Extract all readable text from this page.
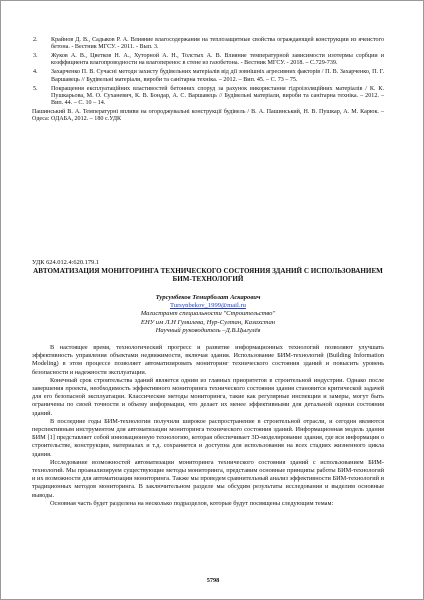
2. Крайнов Д. В., Садыков Р. А. Влияние влагосодержания на теплозащитные свойства ограждающей конструкции из ячеистого бетона. - Вестник МГСУ. - 2011. - Вып. 3.
3. Жуков А. В., Цветков Н. А., Хуторной А. Н., Толстых А. В. Влияние температурной зависимости изотермы сорбции и коэффициента влагопроводности на влагоперенос в стене из газобетона. - Вестник МГСУ. - 2018. – С.729-739.
4. Захарченко П. В. Сучасні методи захисту будівельних матеріалів від дії зовнішніх агресивних факторів / П. В. Захарченко, П. Г. Варшавець // Будівельні матеріали, вироби та санітарна техніка. – 2012. – Вип. 45. – С. 73 – 75.
5. Покращення експлуатаційних властивостей бетонних споруд за рахунок використання гідроізоляційних матеріалів / К. К. Пушкарьова, М. О. Суханевич, К. В. Бондар, А. С. Варшавець // Будівельні матеріали, вироби та санітарна техніка. – 2012. – Вип. 44. – С. 10 – 14.
Пашинський В. А. Температурні впливи на огороджувальні конструкції будівель / В. А. Пашинський, Н. В. Пушкар, А. М. Карюк. – Одеса: ОДАБА, 2012. – 180 с.УДК
УДК 624.012.4:620.179.1
АВТОМАТИЗАЦИЯ МОНИТОРИНГА ТЕХНИЧЕСКОГО СОСТОЯНИЯ ЗДАНИЙ С ИСПОЛЬЗОВАНИЕМ БИМ-ТЕХНОЛОГИЙ
Турсунбеков Темирболат Аскарович
Tursynbekov_1999@mail.ru
Магистрант специальности "Строительство"
ЕНУ им Л.Н Гумилева, Нур-Султан, Казахстан
Научный руководитель –Д.В.Цыгулёв

В настоящее время, технологический прогресс и развитие информационных технологий позволяют улучшать эффективность управления объектами недвижимости, включая здания. Использование БИМ-технологий (Building Information Modeling) в этом процессе позволяет автоматизировать мониторинг технического состояния зданий и повысить уровень безопасности и надежности эксплуатации.

Конечный срок строительства зданий является одним из главных приоритетов в строительной индустрии. Однако после завершения проекта, необходимость эффективного мониторинга технического состояния здания становится критической задачей для его безопасной эксплуатации. Классические методы мониторинга, такие как регулярные инспекции и замеры, могут быть ограничены по своей точности и объему информации, что делает их менее эффективными для детальной оценки состояния зданий.

В последние годы БИМ-технологии получили широкое распространение в строительной отрасли, и сегодня являются перспективным инструментом для автоматизации мониторинга технического состояния зданий. Информационная модель здания БИМ [1] представляет собой инновационную технологию, которая обеспечивает 3D-моделирование здания, где вся информация о строительстве, конструкции, материалах и т.д. сохраняется и доступна для использования на всех стадиях жизненного цикла здания.

Исследование возможностей автоматизации мониторинга технического состояния зданий с использованием БИМ-технологий. Мы проанализируем существующие методы мониторинга, представим основные принципы работы БИМ-технологий и их возможности для автоматизации мониторинга. Также мы проведем сравнительный анализ эффективности БИМ-технологий и традиционных методов мониторинга. В заключительном разделе мы обсудим результаты исследования и выделим основные выводы.

Основная часть будет разделена на несколько подразделов, которые будут посвящены следующим темам:

5798
